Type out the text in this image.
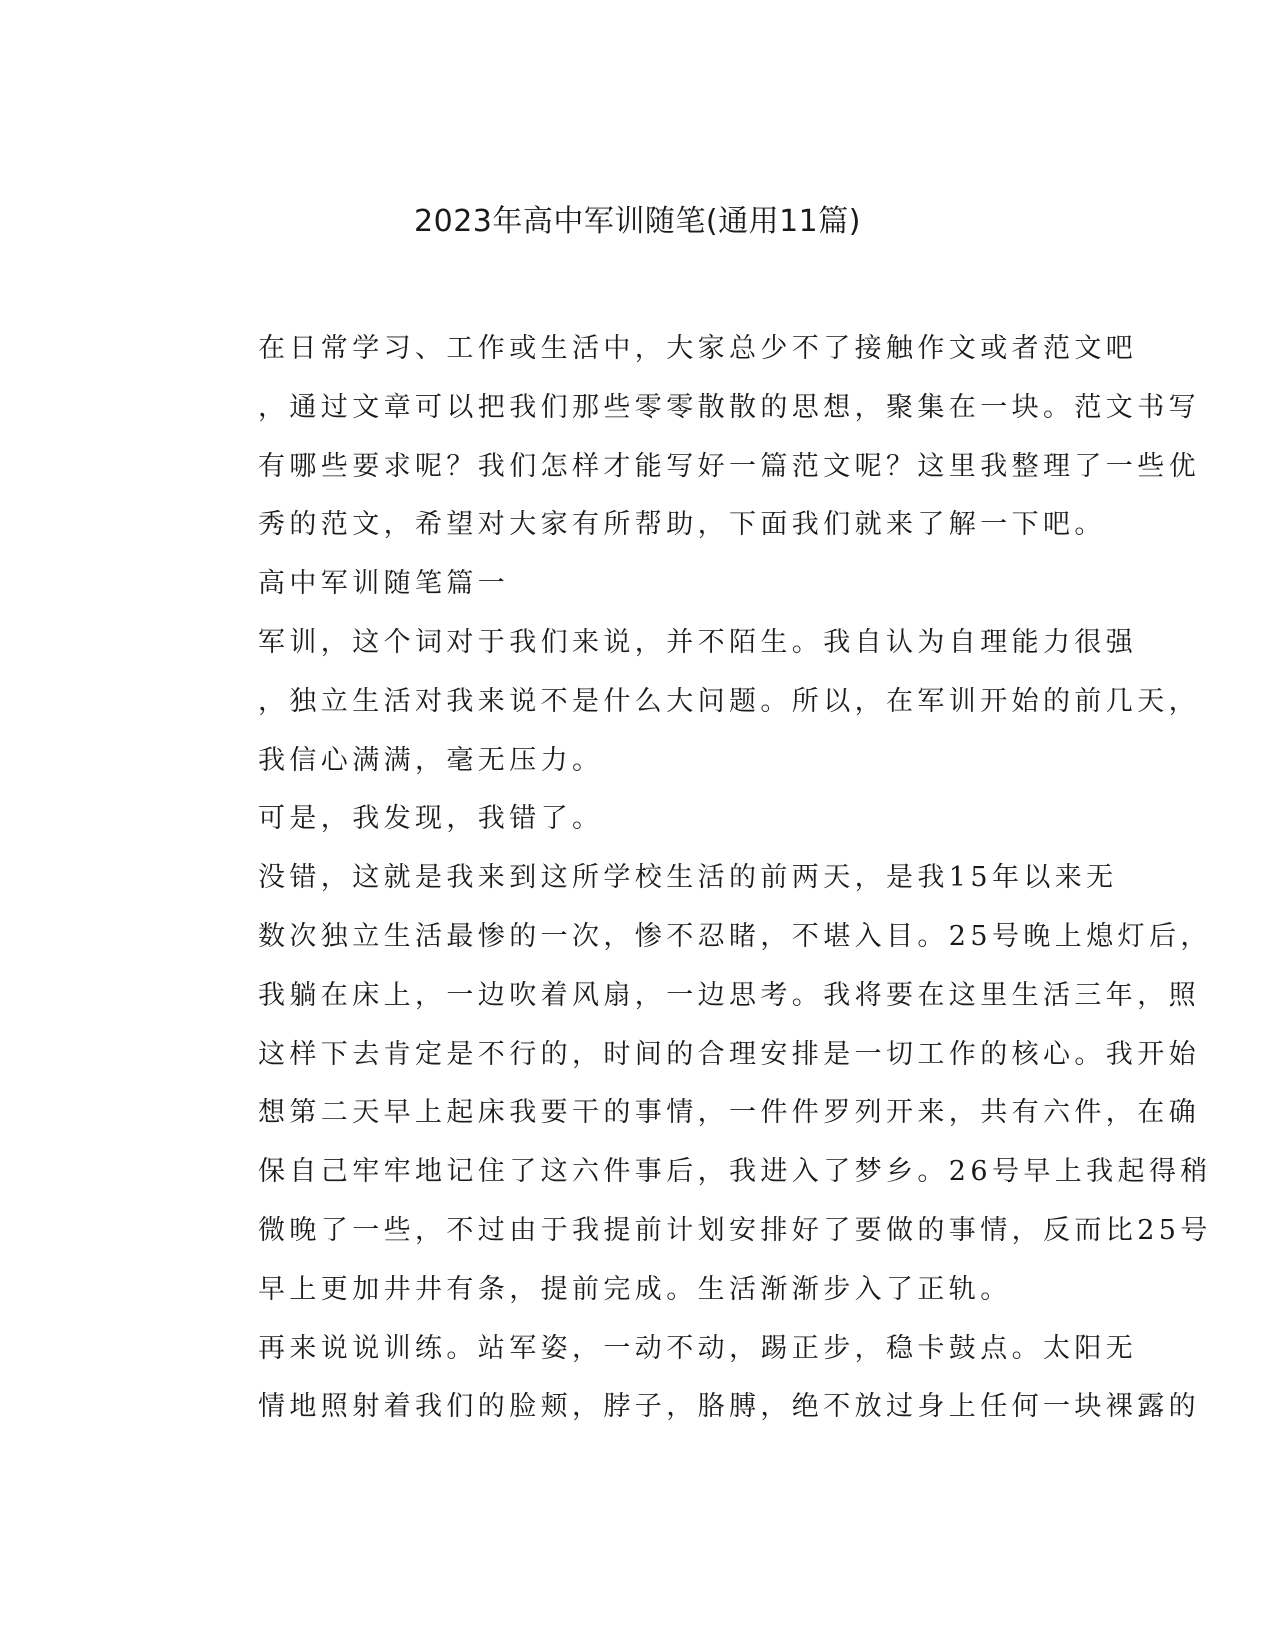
2023年高中军训随笔(通用11篇)

在日常学习、工作或生活中，大家总少不了接触作文或者范文吧
，通过文章可以把我们那些零零散散的思想，聚集在一块。范文书写
有哪些要求呢？我们怎样才能写好一篇范文呢？这里我整理了一些优
秀的范文，希望对大家有所帮助，下面我们就来了解一下吧。

高中军训随笔篇一

军训，这个词对于我们来说，并不陌生。我自认为自理能力很强
，独立生活对我来说不是什么大问题。所以，在军训开始的前几天，
我信心满满，毫无压力。

可是，我发现，我错了。

没错，这就是我来到这所学校生活的前两天，是我15年以来无
数次独立生活最惨的一次，惨不忍睹，不堪入目。25号晚上熄灯后，
我躺在床上，一边吹着风扇，一边思考。我将要在这里生活三年，照
这样下去肯定是不行的，时间的合理安排是一切工作的核心。我开始
想第二天早上起床我要干的事情，一件件罗列开来，共有六件，在确
保自己牢牢地记住了这六件事后，我进入了梦乡。26号早上我起得稍
微晚了一些，不过由于我提前计划安排好了要做的事情，反而比25号
早上更加井井有条，提前完成。生活渐渐步入了正轨。

再来说说训练。站军姿，一动不动，踢正步，稳卡鼓点。太阳无
情地照射着我们的脸颊，脖子，胳膊，绝不放过身上任何一块裸露的
